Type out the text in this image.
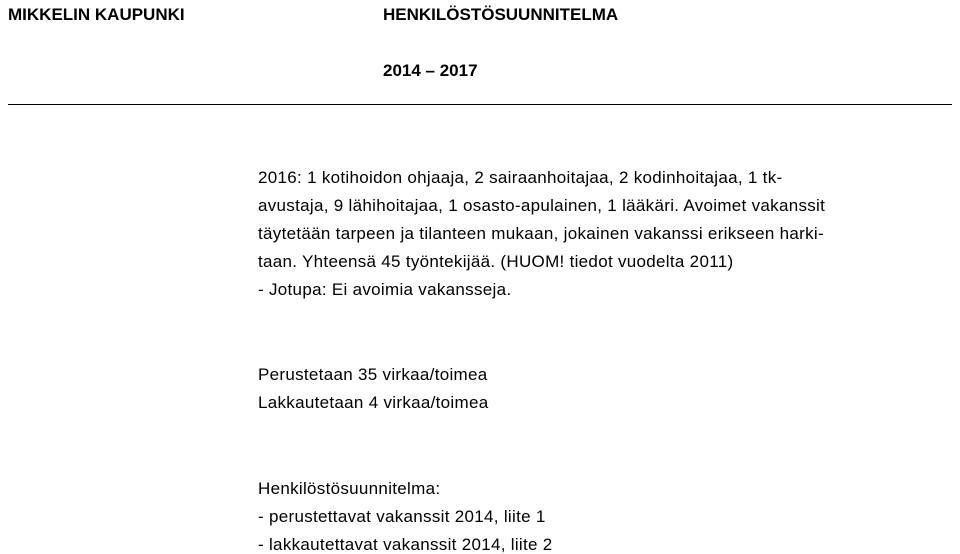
MIKKELIN KAUPUNKI	HENKILÖSTÖSUUNNITELMA
2014 – 2017
2016: 1 kotihoidon ohjaaja, 2 sairaanhoitajaa, 2 kodinhoitajaa, 1 tk-
avustaja, 9 lähihoitajaa, 1 osasto-apulainen, 1 lääkäri. Avoimet vakanssit
täytetään tarpeen ja tilanteen mukaan, jokainen vakanssi erikseen harki-
taan. Yhteensä 45 työntekijää. (HUOM! tiedot vuodelta 2011)
- Jotupa: Ei avoimia vakansseja.
Perustetaan 35 virkaa/toimea
Lakkautetaan 4 virkaa/toimea
Henkilöstösuunnitelma:
- perustettavat vakanssit 2014, liite 1
- lakkautettavat vakanssit 2014, liite 2
